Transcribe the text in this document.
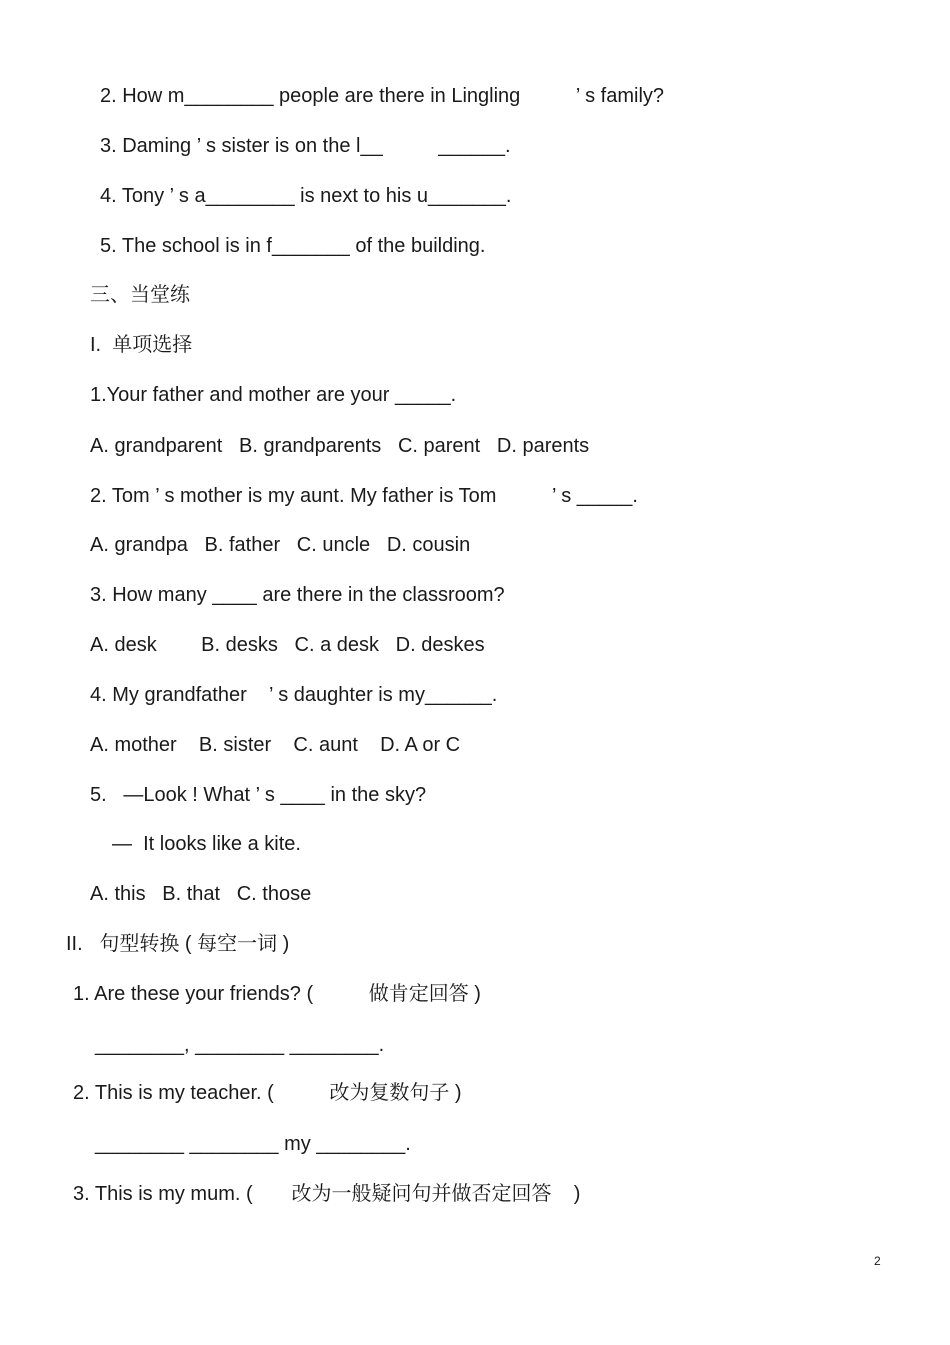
2. How m________ people are there in Lingling          ’ s family?
3. Daming ’ s sister is on the l__          ______.
4. Tony ’ s a________ is next to his u_______.
5. The school is in f_______ of the building.
三、当堂练
I.  单项选择
1.Your father and mother are your _____.
A. grandparent   B. grandparents   C. parent   D. parents
2. Tom ’ s mother is my aunt. My father is Tom          ’ s _____.
A. grandpa   B. father   C. uncle   D. cousin
3. How many ____ are there in the classroom?
A. desk        B. desks   C. a desk   D. deskes
4. My grandfather    ’ s daughter is my______.
A. mother    B. sister    C. aunt    D. A or C
5.   —Look ! What ’ s ____ in the sky?
—  It looks like a kite.
A. this   B. that   C. those
II.   句型转换 ( 每空一词 )
1. Are these your friends? (          做肯定回答 )
________, ________ ________.
2. This is my teacher. (          改为复数句子 )
________ ________ my ________.
3. This is my mum. (       改为一般疑问句并做否定回答    )
2
